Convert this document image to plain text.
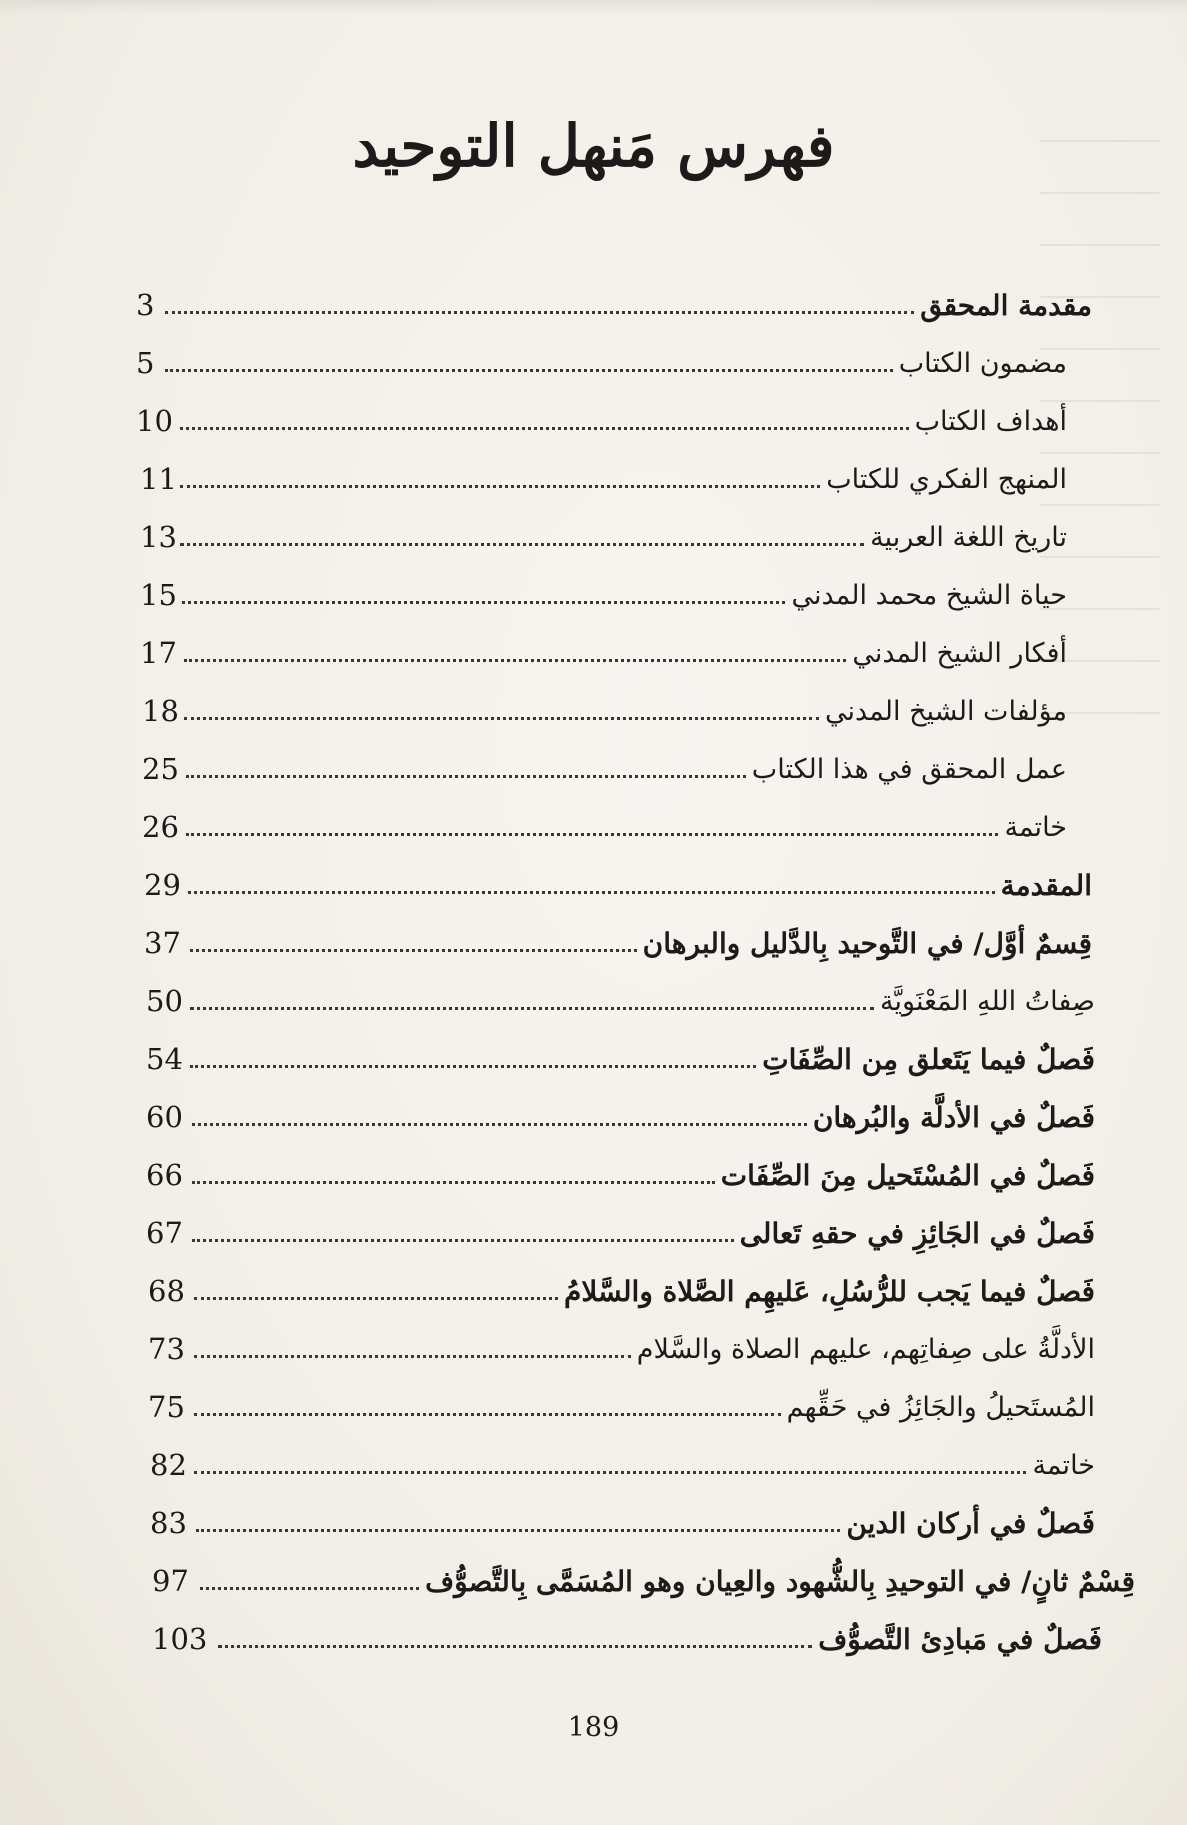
فهرس مَنهل التوحيد
مقدمة المحقق
3
مضمون الكتاب
5
أهداف الكتاب
10
المنهج الفكري للكتاب
11
تاريخ اللغة العربية
13
حياة الشيخ محمد المدني
15
أفكار الشيخ المدني
17
مؤلفات الشيخ المدني
18
عمل المحقق في هذا الكتاب
25
خاتمة
26
المقدمة
29
قِسمٌ أوَّل/ في التَّوحيد بِالدَّليل والبرهان
37
صِفاتُ اللهِ المَعْنَويَّة
50
فَصلٌ فيما يَتَعلق مِن الصِّفَاتِ
54
فَصلٌ في الأدلَّة والبُرهان
60
فَصلٌ في المُسْتَحيل مِنَ الصِّفَات
66
فَصلٌ في الجَائِزِ في حقهِ تَعالى
67
فَصلٌ فيما يَجب للرُّسُلِ، عَليهِم الصَّلاة والسَّلامُ
68
الأدلَّةُ على صِفاتِهم، عليهم الصلاة والسَّلام
73
المُستَحيلُ والجَائِزُ في حَقِّهم
75
خاتمة
82
فَصلٌ في أركان الدين
83
قِسْمٌ ثانٍ/ في التوحيدِ بِالشُّهود والعِيان وهو المُسَمَّى بِالتَّصوُّف
97
فَصلٌ في مَبادِئ التَّصوُّف
103
189
